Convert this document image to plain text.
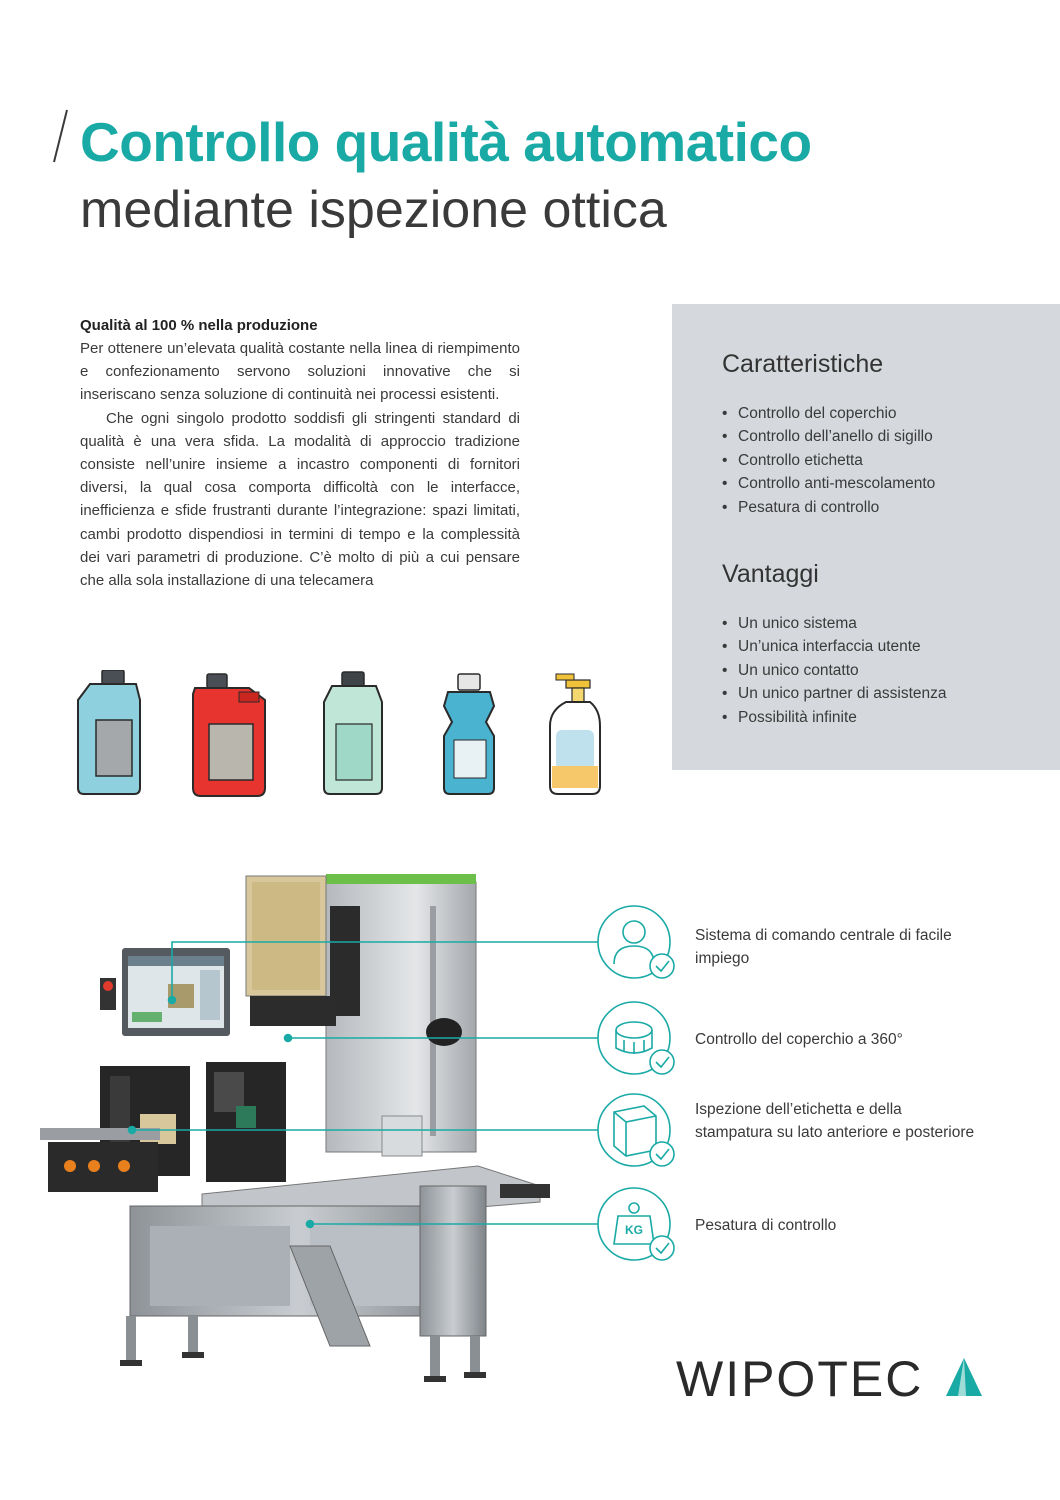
Controllo qualità automatico
mediante ispezione ottica
Qualità al 100 % nella produzione

Per ottenere un’elevata qualità costante nella linea di riempimento e confezionamento servono soluzioni innovative che si inseriscano senza soluzione di continuità nei processi esistenti.

Che ogni singolo prodotto soddisfi gli stringenti standard di qualità è una vera sfida. La modalità di approccio tradizione consiste nell’unire insieme a incastro componenti di fornitori diversi, la qual cosa comporta difficoltà con le interfacce, inefficienza e sfide frustranti durante l’integrazione: spazi limitati, cambi prodotto dispendiosi in termini di tempo e la complessità dei vari parametri di produzione. C’è molto di più a cui pensare che alla sola installazione di una telecamera

Caratteristiche
• Controllo del coperchio
• Controllo dell’anello di sigillo
• Controllo etichetta
• Controllo anti-mescolamento
• Pesatura di controllo
Vantaggi
• Un unico sistema
• Un’unica interfaccia utente
• Un unico contatto
• Un unico partner di assistenza
• Possibilità infinite
KG
Sistema di comando centrale di facile impiego
Controllo del coperchio a 360°
Ispezione dell’etichetta e della stampatura su lato anteriore e posteriore
Pesatura di controllo
WIPOTEC
